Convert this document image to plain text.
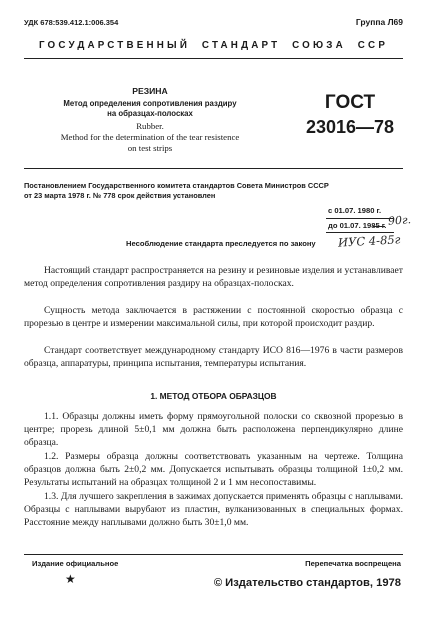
УДК 678:539.412.1:006.354	Группа Л69
ГОСУДАРСТВЕННЫЙ  СТАНДАРТ  СОЮЗА  ССР
РЕЗИНА
Метод определения сопротивления раздиру
на образцах-полосках
Rubber.
Method for the determination of the tear resistence
on test strips
ГОСТ
23016—78
Постановлением Государственного комитета стандартов Совета Министров СССР
от 23 марта 1978 г. № 778 срок действия установлен
с 01.07. 1980 г.
до 01.07. 1985 г. 90г.
Несоблюдение стандарта преследуется по закону ИУС 4-85г
Настоящий стандарт распространяется на резину и резиновые изделия и устанавливает метод определения сопротивления раздиру на образцах-полосках.
Сущность метода заключается в растяжении с постоянной скоростью образца с прорезью в центре и измерении максимальной силы, при которой происходит раздир.
Стандарт соответствует международному стандарту ИСО 816—1976 в части размеров образца, аппаратуры, принципа испытания, температуры испытания.
1. МЕТОД ОТБОРА ОБРАЗЦОВ
1.1. Образцы должны иметь форму прямоугольной полоски со сквозной прорезью в центре; прорезь длиной 5±0,1 мм должна быть расположена перпендикулярно длине образца.
1.2. Размеры образца должны соответствовать указанным на чертеже. Толщина образцов должна быть 2±0,2 мм. Допускается испытывать образцы толщиной 1±0,2 мм. Результаты испытаний на образцах толщиной 2 и 1 мм несопоставимы.
1.3. Для лучшего закрепления в зажимах допускается применять образцы с наплывами. Образцы с наплывами вырубают из пластин, вулканизованных в специальных формах. Расстояние между наплывами должно быть 30±1,0 мм.
Издание официальное	Перепечатка воспрещена
★	© Издательство стандартов, 1978
